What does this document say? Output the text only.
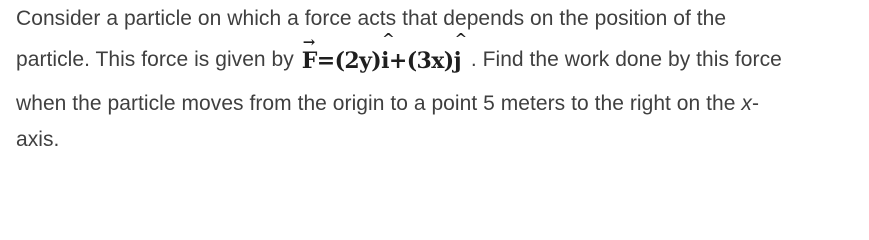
Consider a particle on which a force acts that depends on the position of the
particle. This force is given by
→
F=(2y)
^
i+(3x)
^
j . Find the work done by this force
when the particle moves from the origin to a point 5 meters to the right on the x-
axis.
